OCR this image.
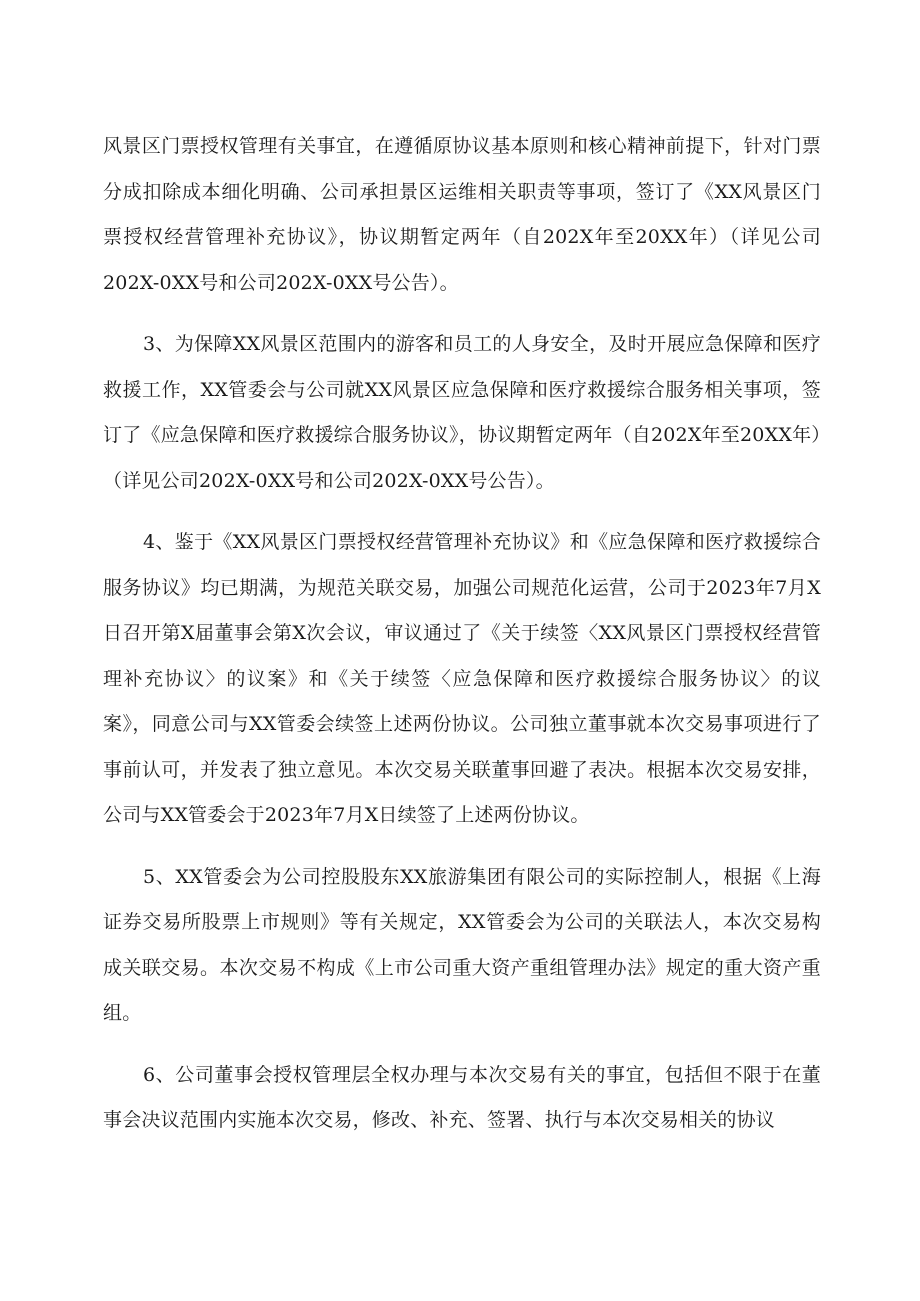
风景区门票授权管理有关事宜，在遵循原协议基本原则和核心精神前提下，针对门票分成扣除成本细化明确、公司承担景区运维相关职责等事项，签订了《XX风景区门票授权经营管理补充协议》，协议期暂定两年（自202X年至20XX年）（详见公司202X-0XX号和公司202X-0XX号公告）。

3、为保障XX风景区范围内的游客和员工的人身安全，及时开展应急保障和医疗救援工作，XX管委会与公司就XX风景区应急保障和医疗救援综合服务相关事项，签订了《应急保障和医疗救援综合服务协议》，协议期暂定两年（自202X年至20XX年）（详见公司202X-0XX号和公司202X-0XX号公告）。

4、鉴于《XX风景区门票授权经营管理补充协议》和《应急保障和医疗救援综合服务协议》均已期满，为规范关联交易，加强公司规范化运营，公司于2023年7月X日召开第X届董事会第X次会议，审议通过了《关于续签〈XX风景区门票授权经营管理补充协议〉的议案》和《关于续签〈应急保障和医疗救援综合服务协议〉的议案》，同意公司与XX管委会续签上述两份协议。公司独立董事就本次交易事项进行了事前认可，并发表了独立意见。本次交易关联董事回避了表决。根据本次交易安排，公司与XX管委会于2023年7月X日续签了上述两份协议。

5、XX管委会为公司控股股东XX旅游集团有限公司的实际控制人，根据《上海证券交易所股票上市规则》等有关规定，XX管委会为公司的关联法人，本次交易构成关联交易。本次交易不构成《上市公司重大资产重组管理办法》规定的重大资产重组。

6、公司董事会授权管理层全权办理与本次交易有关的事宜，包括但不限于在董事会决议范围内实施本次交易，修改、补充、签署、执行与本次交易相关的协议
